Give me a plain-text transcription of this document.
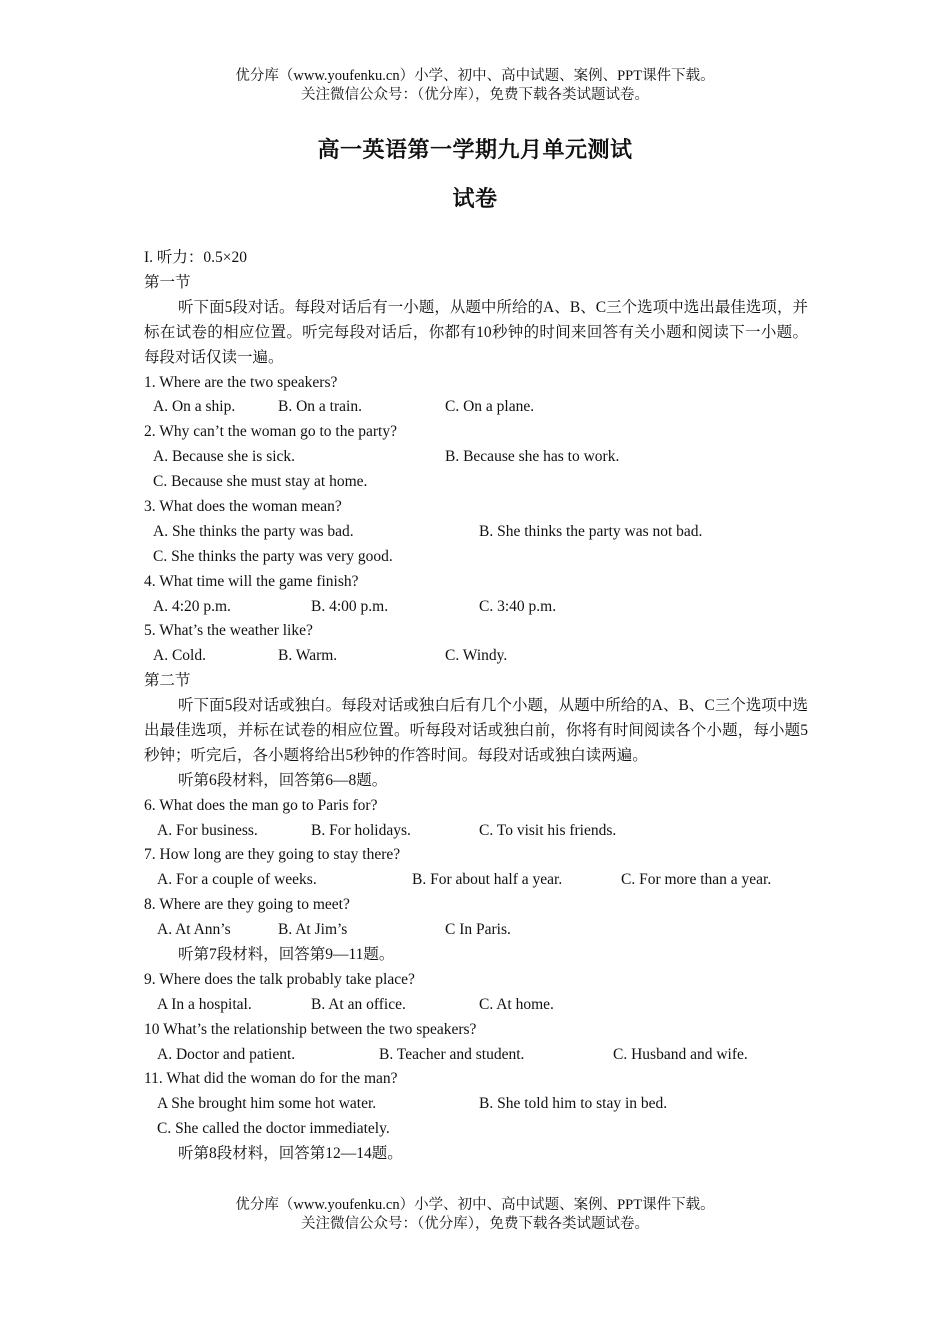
优分库（www.youfenku.cn）小学、初中、高中试题、案例、PPT课件下载。
关注微信公众号：（优分库），免费下载各类试题试卷。
高一英语第一学期九月单元测试
试卷
I. 听力：0.5×20
第一节
听下面5段对话。每段对话后有一小题，从题中所给的A、B、C三个选项中选出最佳选项，并标在试卷的相应位置。听完每段对话后，你都有10秒钟的时间来回答有关小题和阅读下一小题。每段对话仅读一遍。
1. Where are the two speakers?
A. On a ship.	B. On a train.	C. On a plane.
2. Why can’t the woman go to the party?
A. Because she is sick.	B. Because she has to work.
C. Because she must stay at home.
3. What does the woman mean?
A. She thinks the party was bad.	B. She thinks the party was not bad.
C. She thinks the party was very good.
4. What time will the game finish?
A. 4:20 p.m.	B. 4:00 p.m.	C. 3:40 p.m.
5. What’s the weather like?
A. Cold.	B. Warm.	C. Windy.
第二节
听下面5段对话或独白。每段对话或独白后有几个小题，从题中所给的A、B、C三个选项中选出最佳选项，并标在试卷的相应位置。听每段对话或独白前，你将有时间阅读各个小题，每小题5秒钟；听完后，各小题将给出5秒钟的作答时间。每段对话或独白读两遍。
听第6段材料，回答第6—8题。
6. What does the man go to Paris for?
A. For business.	B. For holidays.	C. To visit his friends.
7. How long are they going to stay there?
A. For a couple of weeks.	B. For about half a year.	C. For more than a year.
8. Where are they going to meet?
A. At Ann’s	B. At Jim’s	C In Paris.
听第7段材料，回答第9—11题。
9. Where does the talk probably take place?
A In a hospital.	B. At an office.	C. At home.
10 What’s the relationship between the two speakers?
A. Doctor and patient.	B. Teacher and student.	C. Husband and wife.
11. What did the woman do for the man?
A She brought him some hot water.	B. She told him to stay in bed.
C. She called the doctor immediately.
听第8段材料，回答第12—14题。
优分库（www.youfenku.cn）小学、初中、高中试题、案例、PPT课件下载。
关注微信公众号：（优分库），免费下载各类试题试卷。
